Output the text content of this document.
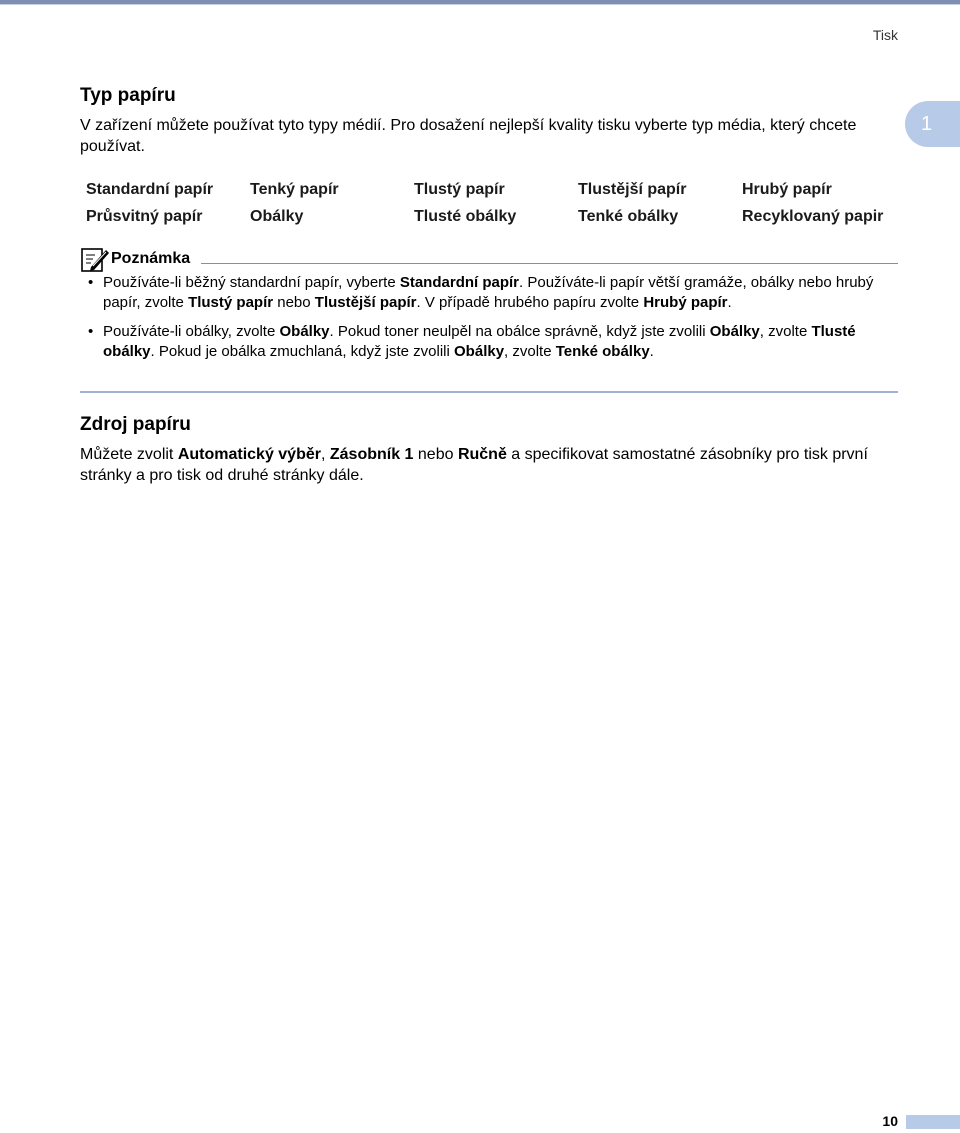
Tisk
1
Typ papíru
V zařízení můžete používat tyto typy médií. Pro dosažení nejlepší kvality tisku vyberte typ média, který chcete používat.
Standardní papír	Tenký papír	Tlustý papír	Tlustější papír	Hrubý papír
Průsvitný papír	Obálky	Tlusté obálky	Tenké obálky	Recyklovaný papir
Poznámka
• Používáte-li běžný standardní papír, vyberte Standardní papír. Používáte-li papír větší gramáže, obálky nebo hrubý papír, zvolte Tlustý papír nebo Tlustější papír. V případě hrubého papíru zvolte Hrubý papír.
• Používáte-li obálky, zvolte Obálky. Pokud toner neulpěl na obálce správně, když jste zvolili Obálky, zvolte Tlusté obálky. Pokud je obálka zmuchlaná, když jste zvolili Obálky, zvolte Tenké obálky.
Zdroj papíru
Můžete zvolit Automatický výběr, Zásobník 1 nebo Ručně a specifikovat samostatné zásobníky pro tisk první stránky a pro tisk od druhé stránky dále.
10
